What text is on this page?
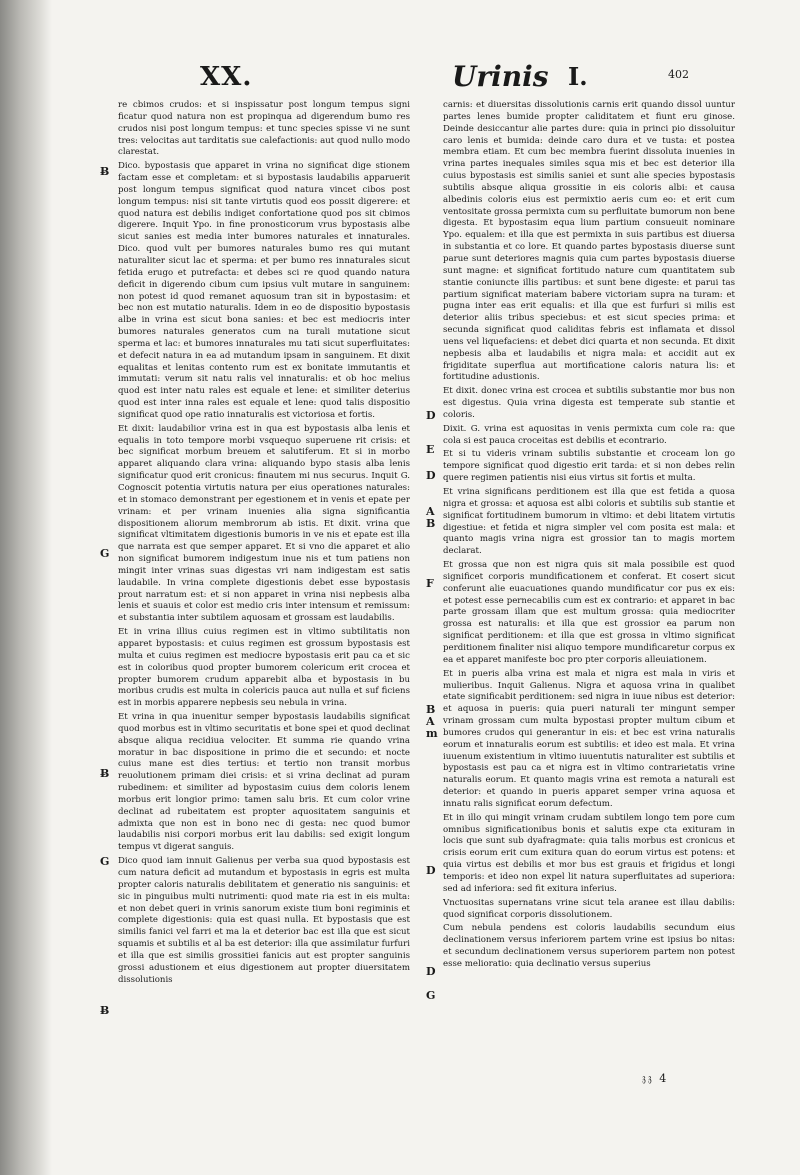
XX.	Urinis I.	402
Ƀ
G
Ƀ
G
Ƀ

re cbimos crudos: et si inspissatur post longum tempus signi ficatur quod natura non est propinqua ad digerendum bumo res crudos nisi post longum tempus: et tunc species spisse vi ne sunt tres: velocitas aut tarditatis sue calefactionis: aut quod nullo modo clarestat.

Dico. bypostasis que apparet in vrina no significat dige stionem factam esse et completam: et si bypostasis laudabilis apparuerit post longum tempus significat quod natura vincet cibos post longum tempus: nisi sit tante virtutis quod eos possit digerere: et quod natura est debilis indiget confortatione quod pos sit cbimos digerere. Inquit Ypo. in fine pronosticorum vrus bypostasis albe sicut sanies est media inter bumores naturales et innaturales. Dico. quod vult per bumores naturales bumo res qui mutant naturaliter sicut lac et sperma: et per bumo res innaturales sicut fetida erugo et putrefacta: et debes sci re quod quando natura deficit in digerendo cibum cum ipsius vult mutare in sanguinem: non potest id quod remanet aquosum tran sit in bypostasim: et bec non est mutatio naturalis. Idem in eo de dispositio bypostasis albe in vrina est sicut bona sanies: et bec est mediocris inter bumores naturales generatos cum na turali mutatione sicut sperma et lac: et bumores innaturales mu tati sicut superfluitates: et defecit natura in ea ad mutandum ipsam in sanguinem. Et dixit equalitas et lenitas contento rum est ex bonitate immutantis et immutati: verum sit natu ralis vel innaturalis: et ob hoc melius quod est inter natu rales est equale et lene: et similiter deterius quod est inter inna rales est equale et lene: quod talis dispositio significat quod ope ratio innaturalis est victoriosa et fortis.

Et dixit: laudabilior vrina est in qua est bypostasis alba lenis et equalis in toto tempore morbi vsquequo superuene rit crisis: et bec significat morbum breuem et salutiferum. Et si in morbo apparet aliquando clara vrina: aliquando bypo stasis alba lenis significatur quod erit cronicus: finautem mi nus securus. Inquit G. Cognoscit potentia virtutis natura per eius operationes naturales: et in stomaco demonstrant per egestionem et in venis et epate per vrinam: et per vrinam inuenies alia signa significantia dispositionem aliorum membrorum ab istis. Et dixit. vrina que significat vltimitatem digestionis bumoris in ve nis et epate est illa que narrata est que semper apparet. Et si vno die apparet et alio non significat bumorem indigestum inue nis et tum patiens non mingit inter vrinas suas digestas vri nam indigestam est satis laudabile. In vrina complete digestionis debet esse bypostasis prout narratum est: et si non apparet in vrina nisi nepbesis alba lenis et suauis et color est medio cris inter intensum et remissum: et substantia inter subtilem aquosam et grossam est laudabilis.

Et in vrina illius cuius regimen est in vltimo subtilitatis non apparet bypostasis: et cuius regimen est grossum bypostasis est multa et cuius regimen est mediocre bypostasis erit pau ca et sic est in coloribus quod propter bumorem colericum erit crocea et propter bumorem crudum apparebit alba et bypostasis in bu moribus crudis est multa in colericis pauca aut nulla et suf ficiens est in morbis apparere nepbesis seu nebula in vrina.

Et vrina in qua inuenitur semper bypostasis laudabilis significat quod morbus est in vltimo securitatis et bone spei et quod declinat absque aliqua recidiua velociter. Et summa rie quando vrina moratur in bac dispositione in primo die et secundo: et nocte cuius mane est dies tertius: et tertio non transit morbus reuolutionem primam diei crisis: et si vrina declinat ad puram rubedinem: et similiter ad bypostasim cuius dem coloris lenem morbus erit longior primo: tamen salu bris. Et cum color vrine declinat ad rubeitatem est propter aquositatem sanguinis et admixta que non est in bono nec di gesta: nec quod bumor laudabilis nisi corpori morbus erit lau dabilis: sed exigit longum tempus vt digerat sanguis.

Dico quod iam innuit Galienus per verba sua quod bypostasis est cum natura deficit ad mutandum et bypostasis in egris est multa propter caloris naturalis debilitatem et generatio nis sanguinis: et sic in pinguibus multi nutrimenti: quod mate ria est in eis multa: et non debet queri in vrinis sanorum existe tium boni regiminis et complete digestionis: quia est quasi nulla. Et bypostasis que est similis fanici vel farri et ma la et deterior bac est illa que est sicut squamis et subtilis et al ba est deterior: illa que assimilatur furfuri et illa que est similis grossitiei fanicis aut est propter sanguinis grossi adustionem et eius digestionem aut propter diuersitatem dissolutionis

D
E
D
A
B
F
B
A
m
D
D
G

carnis: et diuersitas dissolutionis carnis erit quando dissol uuntur partes lenes bumide propter caliditatem et fiunt eru ginose. Deinde desiccantur alie partes dure: quia in princi pio dissoluitur caro lenis et bumida: deinde caro dura et ve tusta: et postea membra etiam. Et cum bec membra fuerint dissoluta inuenies in vrina partes inequales similes squa mis et bec est deterior illa cuius bypostasis est similis saniei et sunt alie species bypostasis subtilis absque aliqua grossitie in eis coloris albi: et causa albedinis coloris eius est permixtio aeris cum eo: et erit cum ventositate grossa permixta cum su perfluitate bumorum non bene digesta. Et bypostasim equa lium partium consueuit nominare Ypo. equalem: et illa que est permixta in suis partibus est diuersa in substantia et co lore. Et quando partes bypostasis diuerse sunt parue sunt deteriores magnis quia cum partes bypostasis diuerse sunt magne: et significat fortitudo nature cum quantitatem sub stantie coniuncte illis partibus: et sunt bene digeste: et parui tas partium significat materiam babere victoriam supra na turam: et pugna inter eas erit equalis: et illa que est furfuri si milis est deterior aliis tribus speciebus: et est sicut species prima: et secunda significat quod caliditas febris est inflamata et dissol uens vel liquefaciens: et debet dici quarta et non secunda. Et dixit nepbesis alba et laudabilis et nigra mala: et accidit aut ex frigiditate superflua aut mortificatione caloris natura lis: et fortitudine adustionis.

Et dixit. donec vrina est crocea et subtilis substantie mor bus non est digestus. Quia vrina digesta est temperate sub stantie et coloris.

Dixit. G. vrina est aquositas in venis permixta cum cole ra: que cola si est pauca croceitas est debilis et econtrario.

Et si tu videris vrinam subtilis substantie et croceam lon go tempore significat quod digestio erit tarda: et si non debes relin quere regimen patientis nisi eius virtus sit fortis et multa.

Et vrina significans perditionem est illa que est fetida a quosa nigra et grossa: et aquosa est albi coloris et subtilis sub stantie et significat fortitudinem bumorum in vltimo: et debi litatem virtutis digestiue: et fetida et nigra simpler vel com posita est mala: et quanto magis vrina nigra est grossior tan to magis mortem declarat.

Et grossa que non est nigra quis sit mala possibile est quod significet corporis mundificationem et conferat. Et cosert sicut conferunt alie euacuationes quando mundificatur cor pus ex eis: et potest esse pernecabilis cum est ex contrario: et apparet in bac parte grossam illam que est multum grossa: quia mediocriter grossa est naturalis: et illa que est grossior ea parum non significat perditionem: et illa que est grossa in vltimo significat perditionem finaliter nisi aliquo tempore mundificaretur corpus ex ea et apparet manifeste boc pro pter corporis alleuiationem.

Et in pueris alba vrina est mala et nigra est mala in viris et mulieribus. Inquit Galienus. Nigra et aquosa vrina in qualibet etate significabit perditionem: sed nigra in iuue nibus est deterior: et aquosa in pueris: quia pueri naturali ter mingunt semper vrinam grossam cum multa bypostasi propter multum cibum et bumores crudos qui generantur in eis: et bec est vrina naturalis eorum et innaturalis eorum est subtilis: et ideo est mala. Et vrina iuuenum existentium in vltimo iuuentutis naturaliter est subtilis et bypostasis est pau ca et nigra est in vltimo contrarietatis vrine naturalis eorum. Et quanto magis vrina est remota a naturali est deterior: et quando in pueris apparet semper vrina aquosa et innatu ralis significat eorum defectum.

Et in illo qui mingit vrinam crudam subtilem longo tem pore cum omnibus significationibus bonis et salutis expe cta exituram in locis que sunt sub dyafragmate: quia talis morbus est cronicus et crisis eorum erit cum exitura quan do eorum virtus est potens: et quia virtus est debilis et mor bus est grauis et frigidus et longi temporis: et ideo non expel lit natura superfluitates ad superiora: sed ad inferiora: sed fit exitura inferius.

Vnctuositas supernatans vrine sicut tela aranee est illau dabilis: quod significat corporis dissolutionem.

Cum nebula pendens est coloris laudabilis secundum eius declinationem versus inferiorem partem vrine est ipsius bo nitas: et secundum declinationem versus superiorem partem non potest esse melioratio: quia declinatio versus superius

𝔷𝔷 4
